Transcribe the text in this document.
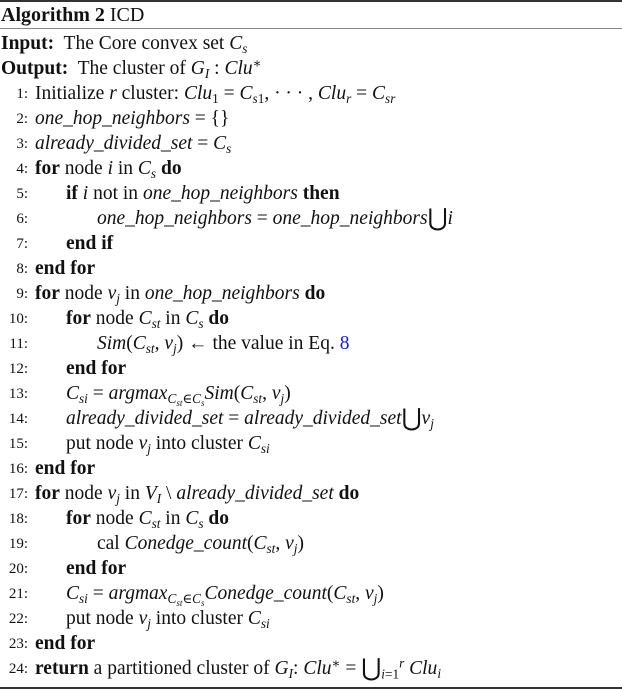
Algorithm 2 ICD
Input: The Core convex set $C_s$
Output: The cluster of $G_I$ : Clu∗
1: Initialize r cluster: $Clu_1 = C_{s1}$, · · · , $Clu_r = C_{sr}$
2: one_hop_neighbors = {}
3: already_divided_set = $C_s$
4: for node i in $C_s$ do
5: if i not in one_hop_neighbors then
6:	one_hop_neighbors = one_hop_neighbors⋃i
7: end if
8: end for
9: for node $v_j$ in one_hop_neighbors do
10: for node $C_{st}$ in $C_s$ do
11:	$Sim(C_{st}$, $v_j$) ← the value in Eq. 8
12: end for
13: $C_{si} = argmax_{C_{st}\in C_s}Sim(C_{st}$, $v_j$)
14: already_divided_set = $already\_divided\_set⋃v_j$
15: put node $v_j$ into cluster $C_{si}$
16: end for
17: for node $v_j$ in $V_I$ \ already_divided_set do
18: for node $C_{st}$ in $C_s$ do
19:	cal $Conedge\_count(C_{st}$, $v_j$)
20: end for
21: $C_{si}$ = $argmax_{C_{st}\in C_s}Conedge\_count(C_{st}$, $v_j$)
22: put node $v_j$ into cluster $C_{si}$
23: end for
24: return a partitioned cluster of $G_I$: $Clu^∗ = ⋃_{i=1}^r$ Clu$_i$
